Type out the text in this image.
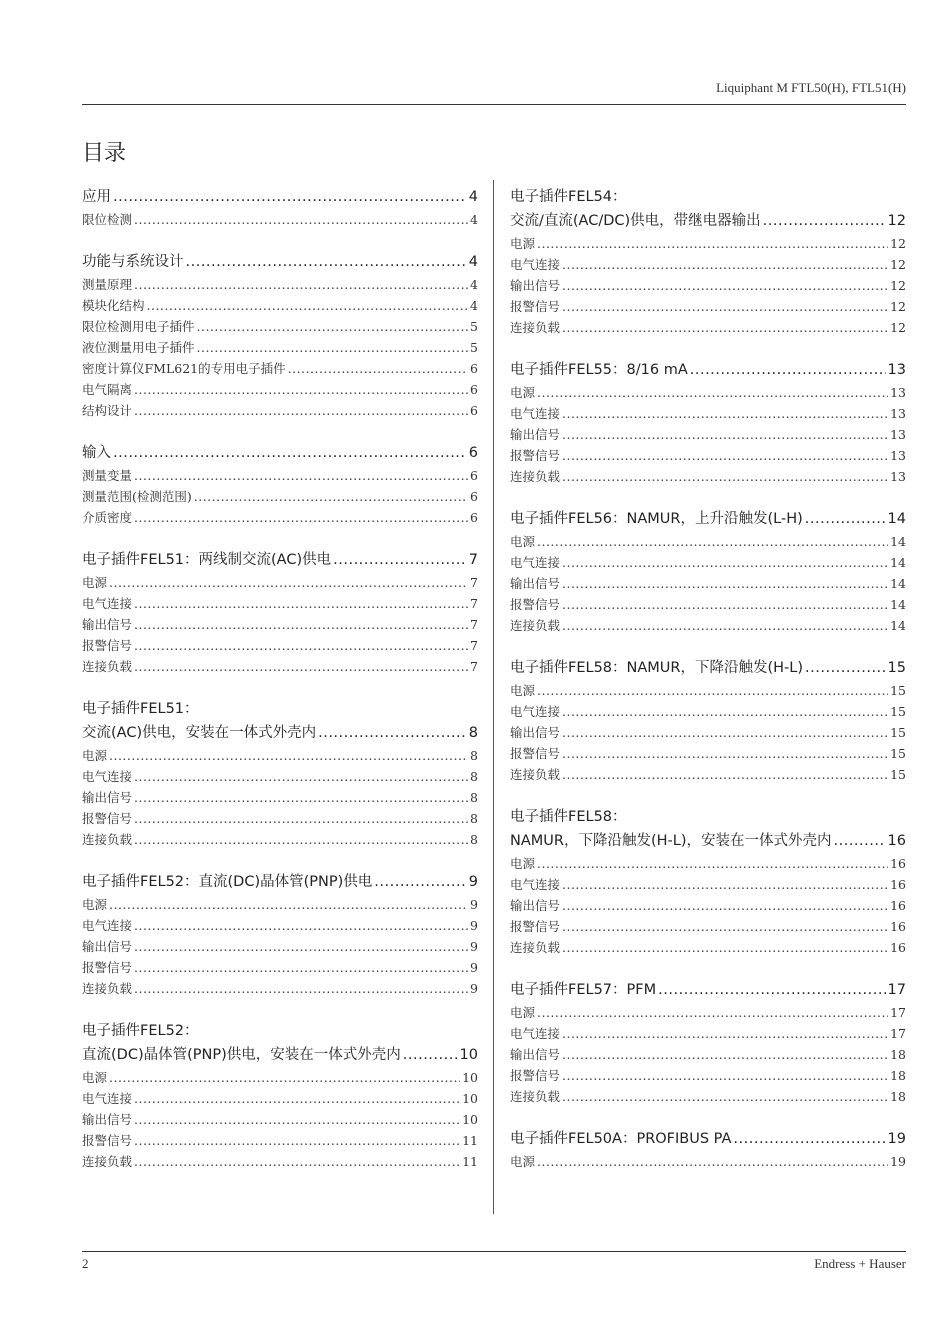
Liquiphant M FTL50(H), FTL51(H)
目录
应用 .....	4
限位检测 .....	4
功能与系统设计 .....	4
测量原理 .....	4
模块化结构 .....	4
限位检测用电子插件 .....	5
液位测量用电子插件 .....	5
密度计算仪FML621的专用电子插件 .....	6
电气隔离 .....	6
结构设计 .....	6
输入 .....	6
测量变量 .....	6
测量范围(检测范围) .....	6
介质密度 .....	6
电子插件FEL51：两线制交流(AC)供电 .....	7
电源 .....	7
电气连接 .....	7
输出信号 .....	7
报警信号 .....	7
连接负载 .....	7
电子插件FEL51：
交流(AC)供电，安装在一体式外壳内 .....	8
电源 .....	8
电气连接 .....	8
输出信号 .....	8
报警信号 .....	8
连接负载 .....	8
电子插件FEL52：直流(DC)晶体管(PNP)供电 .....	9
电源 .....	9
电气连接 .....	9
输出信号 .....	9
报警信号 .....	9
连接负载 .....	9
电子插件FEL52：
直流(DC)晶体管(PNP)供电，安装在一体式外壳内 .....	10
电源 .....	10
电气连接 .....	10
输出信号 .....	10
报警信号 .....	11
连接负载 .....	11
电子插件FEL54：
交流/直流(AC/DC)供电，带继电器输出 .....	12
电源 .....	12
电气连接 .....	12
输出信号 .....	12
报警信号 .....	12
连接负载 .....	12
电子插件FEL55：8/16 mA .....	13
电源 .....	13
电气连接 .....	13
输出信号 .....	13
报警信号 .....	13
连接负载 .....	13
电子插件FEL56：NAMUR，上升沿触发(L-H) .....	14
电源 .....	14
电气连接 .....	14
输出信号 .....	14
报警信号 .....	14
连接负载 .....	14
电子插件FEL58：NAMUR，下降沿触发(H-L) .....	15
电源 .....	15
电气连接 .....	15
输出信号 .....	15
报警信号 .....	15
连接负载 .....	15
电子插件FEL58：
NAMUR，下降沿触发(H-L)，安装在一体式外壳内 .....	16
电源 .....	16
电气连接 .....	16
输出信号 .....	16
报警信号 .....	16
连接负载 .....	16
电子插件FEL57：PFM .....	17
电源 .....	17
电气连接 .....	17
输出信号 .....	18
报警信号 .....	18
连接负载 .....	18
电子插件FEL50A：PROFIBUS PA .....	19
电源 .....	19
2	Endress + Hauser
